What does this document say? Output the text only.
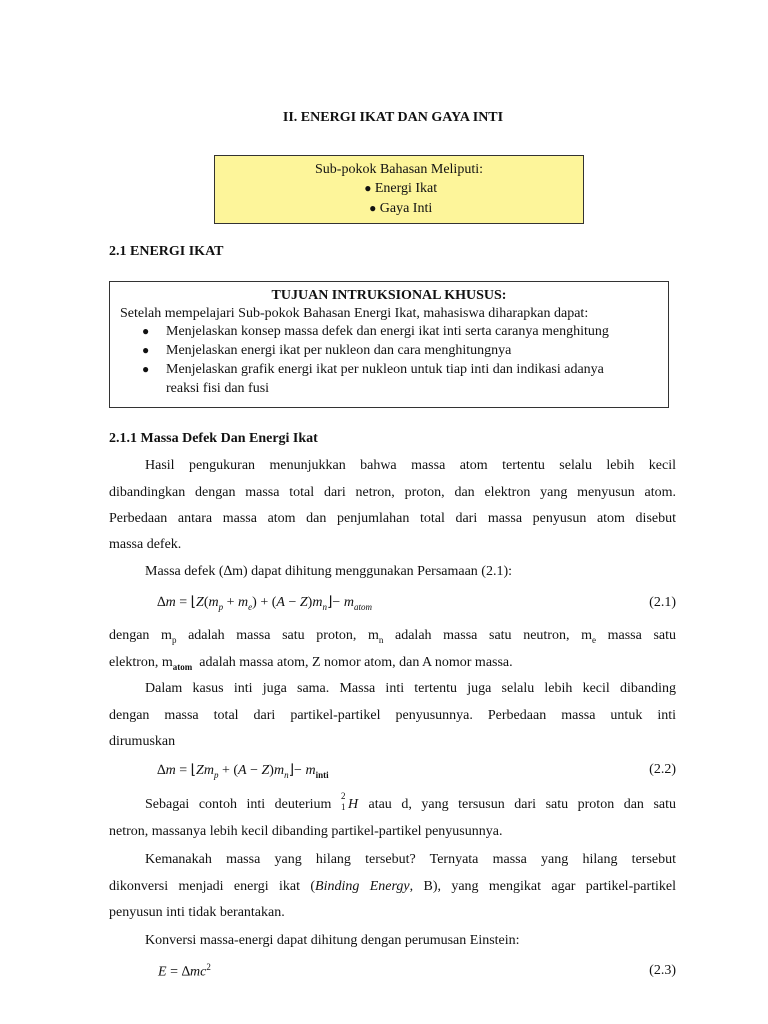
II. ENERGI IKAT DAN GAYA INTI
Sub-pokok Bahasan Meliputi:
● Energi Ikat
● Gaya Inti
2.1 ENERGI IKAT
TUJUAN INTRUKSIONAL KHUSUS:
Setelah mempelajari Sub-pokok Bahasan Energi Ikat, mahasiswa diharapkan dapat:
● Menjelaskan konsep massa defek dan energi ikat inti serta caranya menghitung
● Menjelaskan energi ikat per nukleon dan cara menghitungnya
● Menjelaskan grafik energi ikat per nukleon untuk tiap inti dan indikasi adanya
reaksi fisi dan fusi
2.1.1 Massa Defek Dan Energi Ikat
Hasil pengukuran menunjukkan bahwa massa atom tertentu selalu lebih kecil
dibandingkan dengan massa total dari netron, proton, dan elektron yang menyusun atom.
Perbedaan antara massa atom dan penjumlahan total dari massa penyusun atom disebut
massa defek.
Massa defek (∆m) dapat dihitung menggunakan Persamaan (2.1):
$\Delta m = ⌊Z(m_p + m_e) + (A$ − $Z)m_n⌋- m_{atom}$	(2.1)
dengan $m_p$ adalah massa satu proton, $m_n$ adalah massa satu neutron, $m_e$ massa satu
elektron, $m_{atom}$ adalah massa atom, Z nomor atom, dan A nomor massa.
Dalam kasus inti juga sama. Massa inti tertentu juga selalu lebih kecil dibanding
dengan massa total dari partikel-partikel penyusunnya. Perbedaan massa untuk inti
dirumuskan
$\Delta m = ⌊Zm_p + (A$ − $Z)m_n⌋- m_{inti}$	(2.2)
Sebagai contoh inti deuterium
2
1 H atau d, yang tersusun dari satu proton dan satu
netron, massanya lebih kecil dibanding partikel-partikel penyusunnya.
Kemanakah massa yang hilang tersebut? Ternyata massa yang hilang tersebut
dikonversi menjadi energi ikat (Binding Energy, B), yang mengikat agar partikel-partikel
penyusun inti tidak berantakan.
Konversi massa-energi dapat dihitung dengan perumusan Einstein:
$E = \Delta mc^2$	(2.3)
